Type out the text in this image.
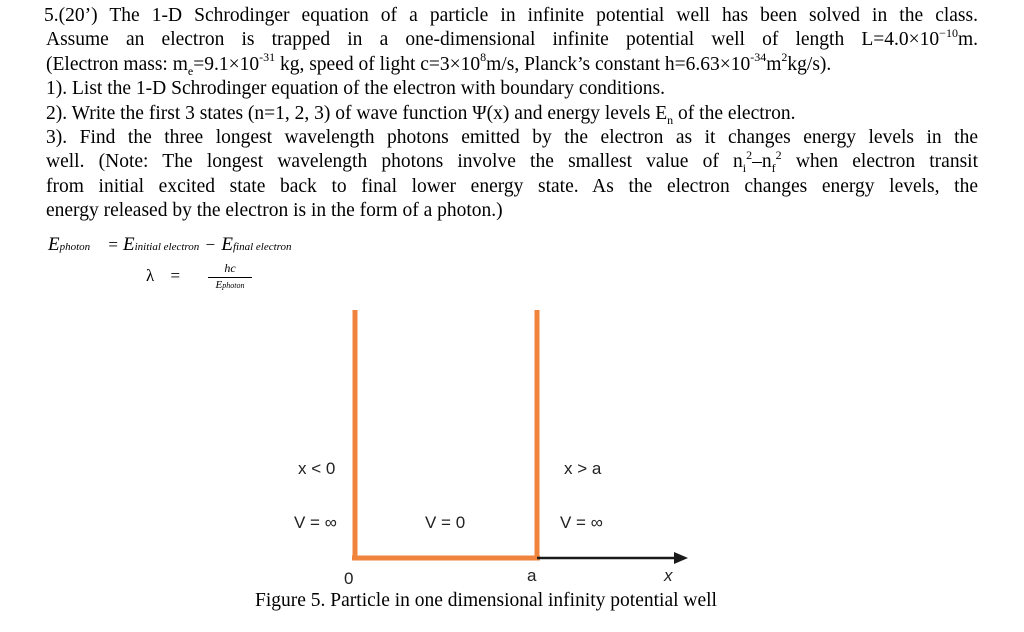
5.(20’) The 1-D Schrodinger equation of a particle in infinite potential well has been solved in the class.
Assume an electron is trapped in a one-dimensional infinite potential well of length $L=4.0\times 10^{-10}m$.
(Electron mass: $m_e=9.1\times 10^{-31}$ kg, speed of light $c=3\times 10^8m/s$, Planck’s constant $h=6.63\times 10^{-34}m^2kg/s$).
1). List the 1-D Schrodinger equation of the electron with boundary conditions.
2). Write the first 3 states (n=1, 2, 3) of wave function Ψ(x) and energy levels $E_n$ of the electron.
3). Find the three longest wavelength photons emitted by the electron as it changes energy levels in the
well. (Note: The longest wavelength photons involve the smallest value of $n_i^2-n_f^2$ when electron transit
from initial excited state back to final lower energy state. As the electron changes energy levels, the
energy released by the electron is in the form of a photon.)
Ephoton = Einitial electron − Efinal electron
λ =	hc
Ephoton
x < 0	x > a
V = ∞	V = 0	V = ∞
0	a	x
Figure 5. Particle in one dimensional infinity potential well
